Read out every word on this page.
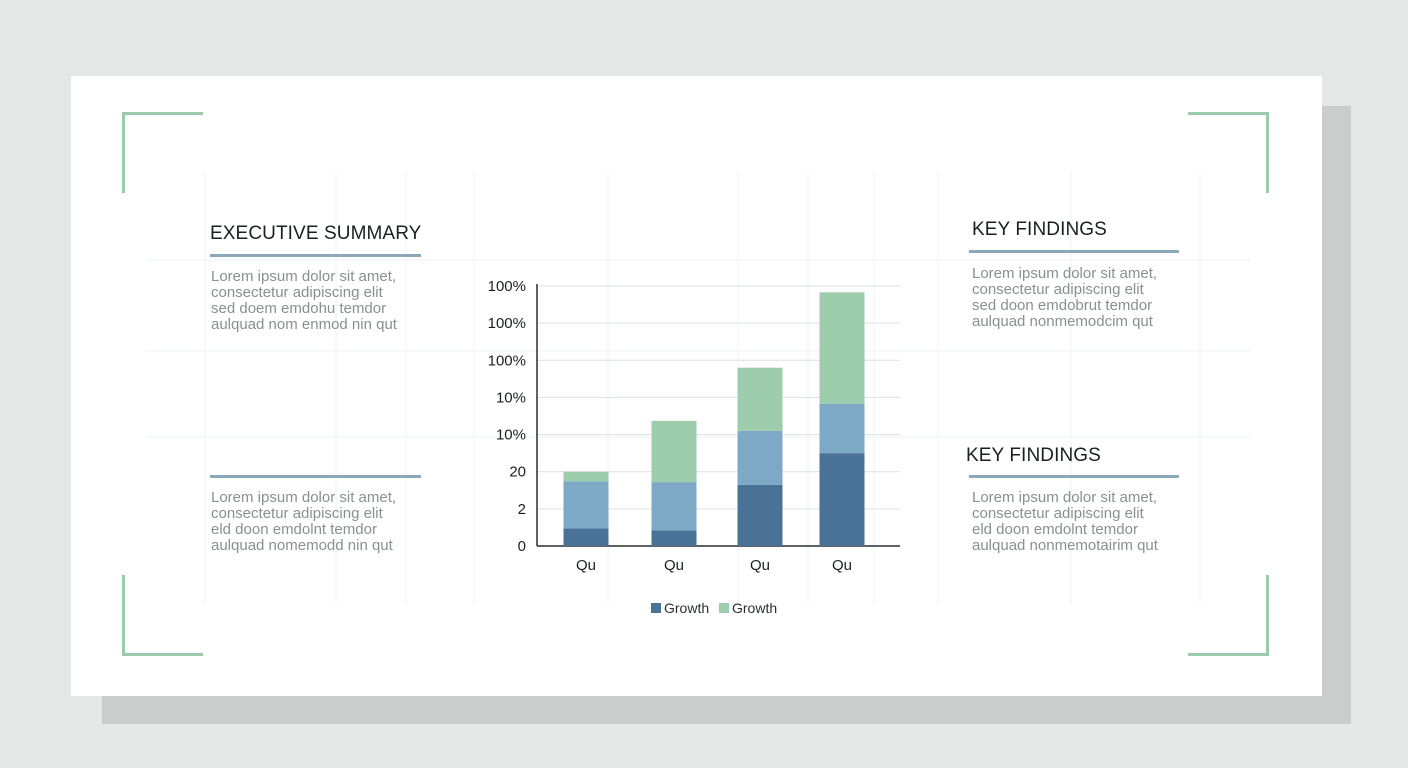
EXECUTIVE SUMMARY
Lorem ipsum dolor sit amet,
consectetur adipiscing elit
sed doem emdohu temdor
aulquad nom enmod nin qut
Lorem ipsum dolor sit amet,
consectetur adipiscing elit
eld doon emdolnt temdor
aulquad nomemodd nin qut
KEY FINDINGS
Lorem ipsum dolor sit amet,
consectetur adipiscing elit
sed doon emdobrut temdor
aulquad nonmemodcim qut
KEY FINDINGS
Lorem ipsum dolor sit amet,
consectetur adipiscing elit
eld doon emdolnt temdor
aulquad nonmemotairim qut
0
2
20
10%
10%
100%
100%
100%
Qu	Qu	Qu	Qu
Growth Growth
